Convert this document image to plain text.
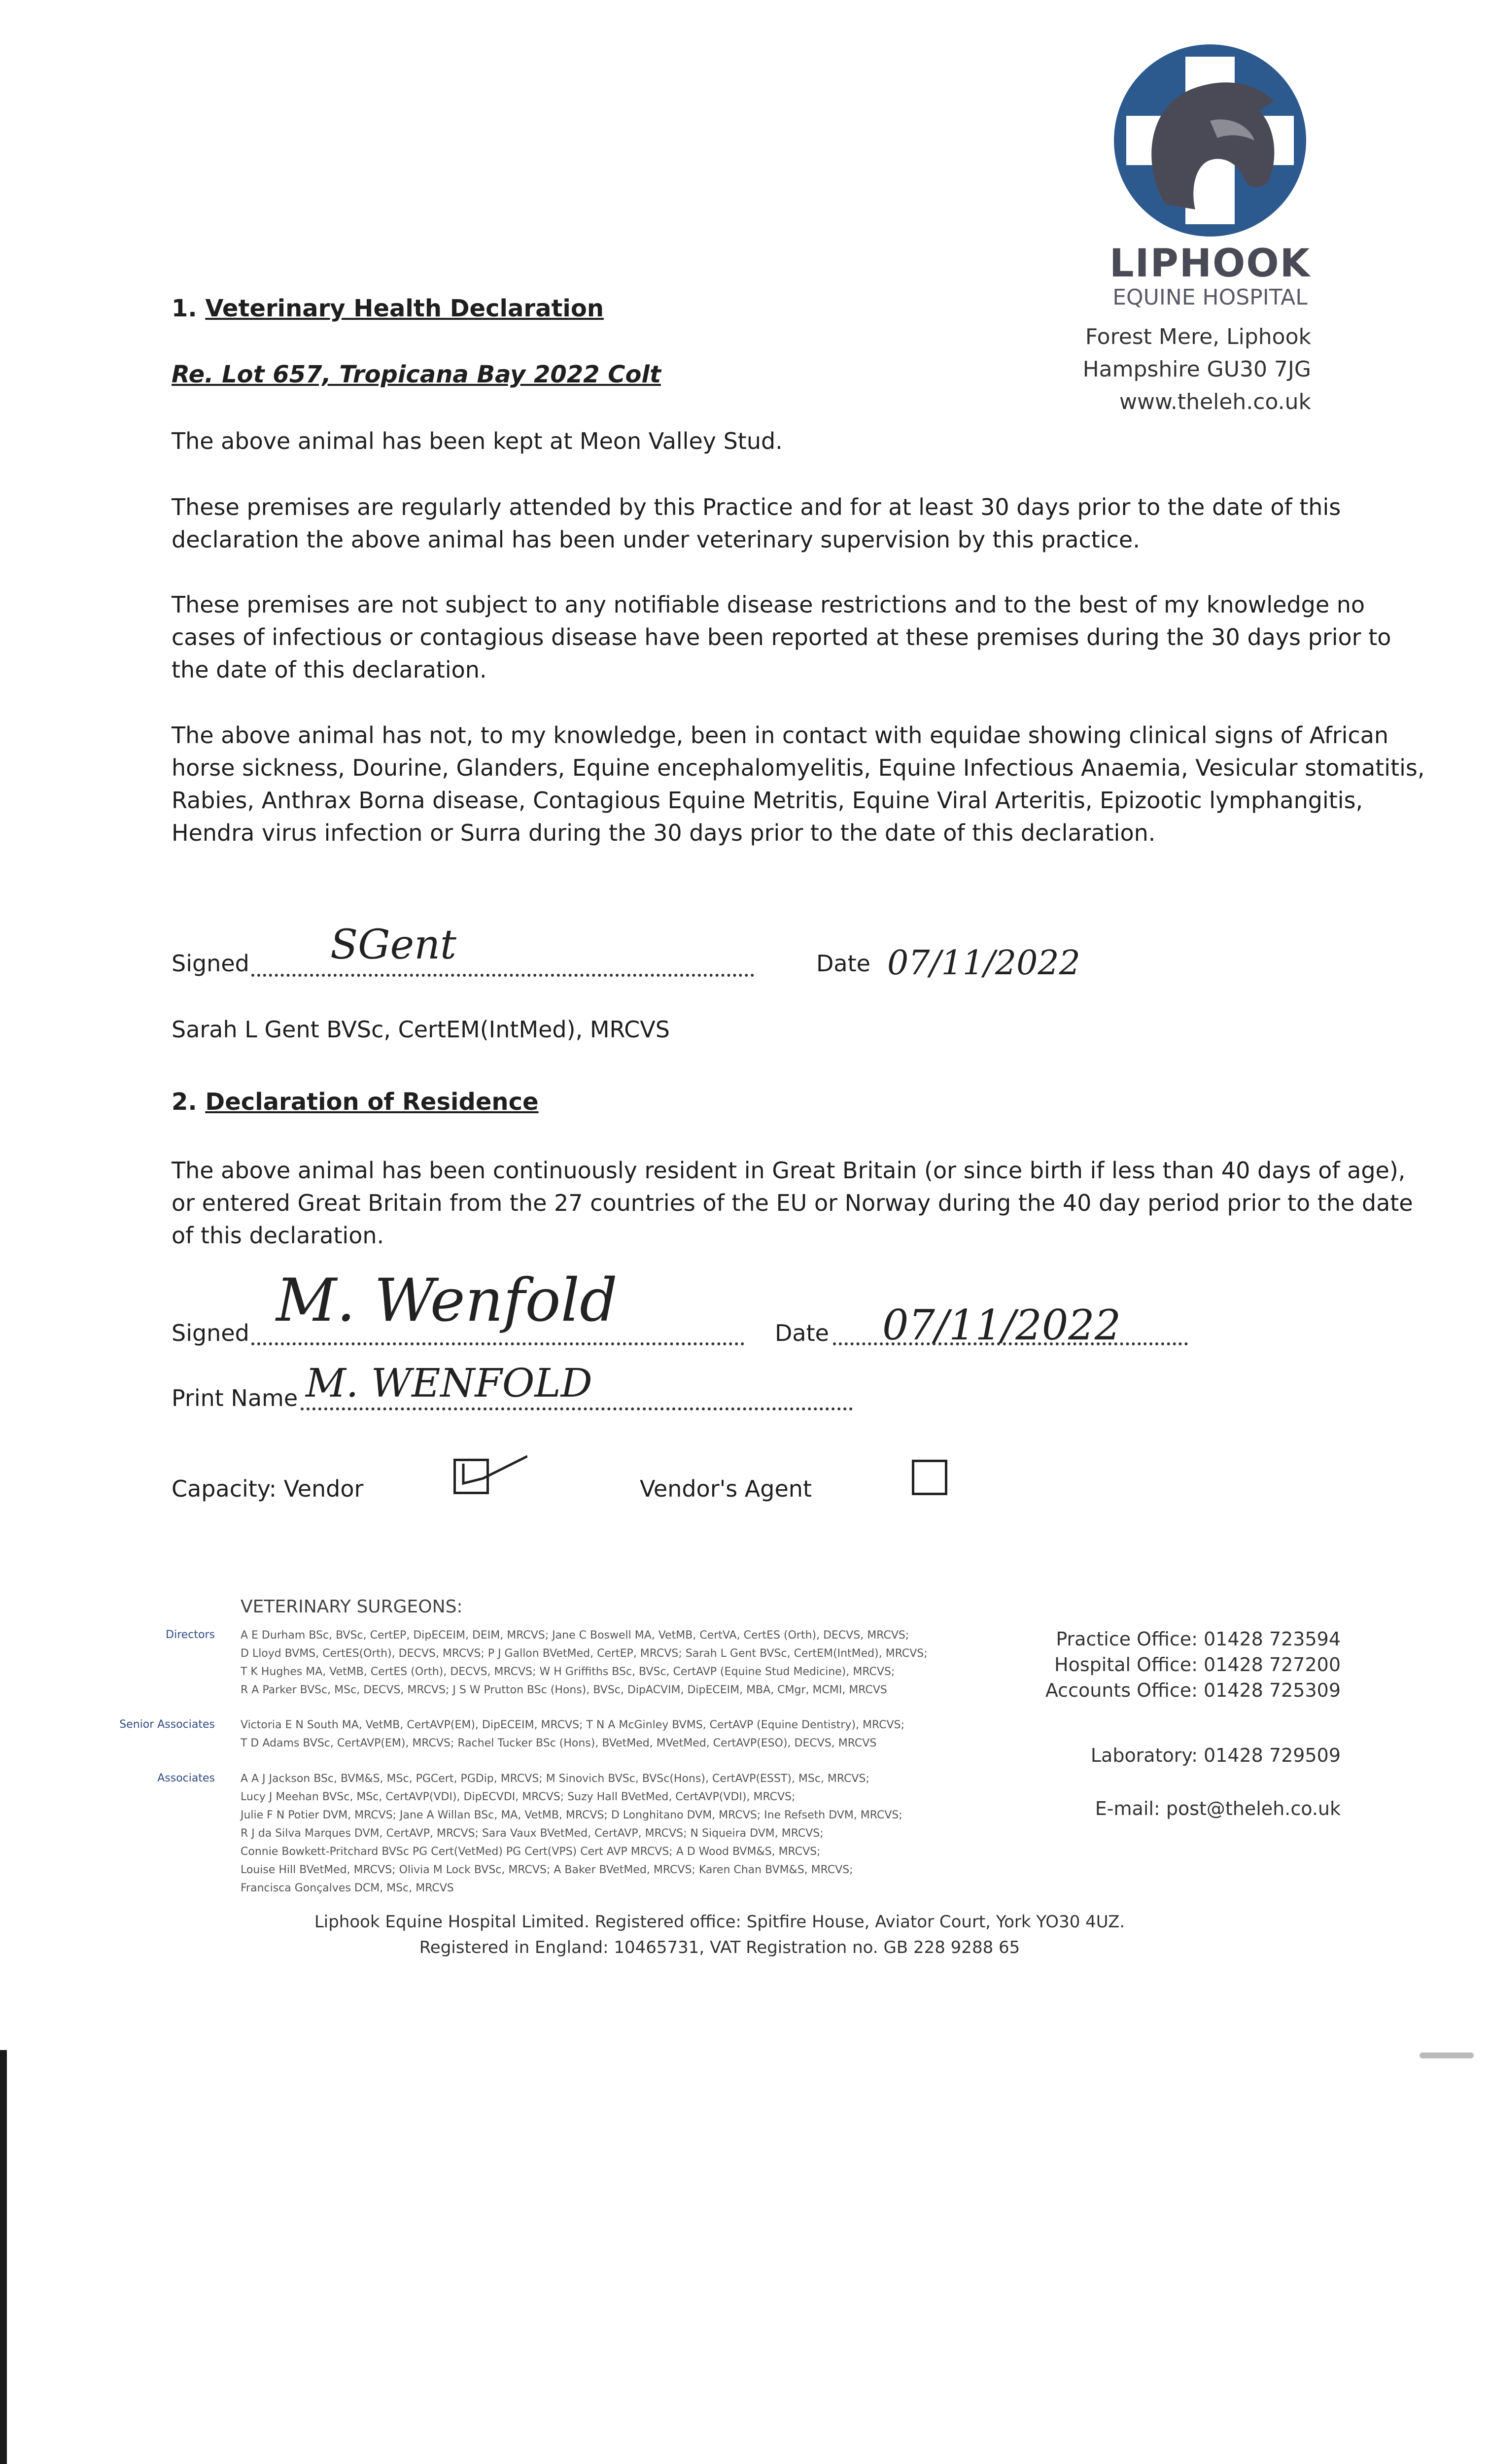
LIPHOOK
EQUINE HOSPITAL
Forest Mere, Liphook
Hampshire GU30 7JG
www.theleh.co.uk
1. Veterinary Health Declaration
Re. Lot 657, Tropicana Bay 2022 Colt
The above animal has been kept at Meon Valley Stud.
These premises are regularly attended by this Practice and for at least 30 days prior to the date of this declaration the above animal has been under veterinary supervision by this practice.
These premises are not subject to any notifiable disease restrictions and to the best of my knowledge no cases of infectious or contagious disease have been reported at these premises during the 30 days prior to the date of this declaration.
The above animal has not, to my knowledge, been in contact with equidae showing clinical signs of African horse sickness, Dourine, Glanders, Equine encephalomyelitis, Equine Infectious Anaemia, Vesicular stomatitis, Rabies, Anthrax Borna disease, Contagious Equine Metritis, Equine Viral Arteritis, Epizootic lymphangitis, Hendra virus infection or Surra during the 30 days prior to the date of this declaration.
Signed SGent	Date 07/11/2022
Sarah L Gent BVSc, CertEM(IntMed), MRCVS
2. Declaration of Residence
The above animal has been continuously resident in Great Britain (or since birth if less than 40 days of age), or entered Great Britain from the 27 countries of the EU or Norway during the 40 day period prior to the date of this declaration.
Signed M. Wenfold	Date 07/11/2022
Print Name M. WENFOLD
Capacity: Vendor	Vendor's Agent
VETERINARY SURGEONS:
Directors A E Durham BSc, BVSc, CertEP, DipECEIM, DEIM, MRCVS; Jane C Boswell MA, VetMB, CertVA, CertES (Orth), DECVS, MRCVS;
D Lloyd BVMS, CertES(Orth), DECVS, MRCVS; P J Gallon BVetMed, CertEP, MRCVS; Sarah L Gent BVSc, CertEM(IntMed), MRCVS;
T K Hughes MA, VetMB, CertES (Orth), DECVS, MRCVS; W H Griffiths BSc, BVSc, CertAVP (Equine Stud Medicine), MRCVS;
R A Parker BVSc, MSc, DECVS, MRCVS; J S W Prutton BSc (Hons), BVSc, DipACVIM, DipECEIM, MBA, CMgr, MCMI, MRCVS
Senior Associates Victoria E N South MA, VetMB, CertAVP(EM), DipECEIM, MRCVS; T N A McGinley BVMS, CertAVP (Equine Dentistry), MRCVS;
T D Adams BVSc, CertAVP(EM), MRCVS; Rachel Tucker BSc (Hons), BVetMed, MVetMed, CertAVP(ESO), DECVS, MRCVS
Associates A A J Jackson BSc, BVM&S, MSc, PGCert, PGDip, MRCVS; M Sinovich BVSc, BVSc(Hons), CertAVP(ESST), MSc, MRCVS;
Lucy J Meehan BVSc, MSc, CertAVP(VDI), DipECVDI, MRCVS; Suzy Hall BVetMed, CertAVP(VDI), MRCVS;
Julie F N Potier DVM, MRCVS; Jane A Willan BSc, MA, VetMB, MRCVS; D Longhitano DVM, MRCVS; Ine Refseth DVM, MRCVS;
R J da Silva Marques DVM, CertAVP, MRCVS; Sara Vaux BVetMed, CertAVP, MRCVS; N Siqueira DVM, MRCVS;
Connie Bowkett-Pritchard BVSc PG Cert(VetMed) PG Cert(VPS) Cert AVP MRCVS; A D Wood BVM&S, MRCVS;
Louise Hill BVetMed, MRCVS; Olivia M Lock BVSc, MRCVS; A Baker BVetMed, MRCVS; Karen Chan BVM&S, MRCVS;
Francisca Gonçalves DCM, MSc, MRCVS
Practice Office: 01428 723594
Hospital Office: 01428 727200
Accounts Office: 01428 725309
Laboratory: 01428 729509
E-mail: post@theleh.co.uk
Liphook Equine Hospital Limited. Registered office: Spitfire House, Aviator Court, York YO30 4UZ.
Registered in England: 10465731, VAT Registration no. GB 228 9288 65
